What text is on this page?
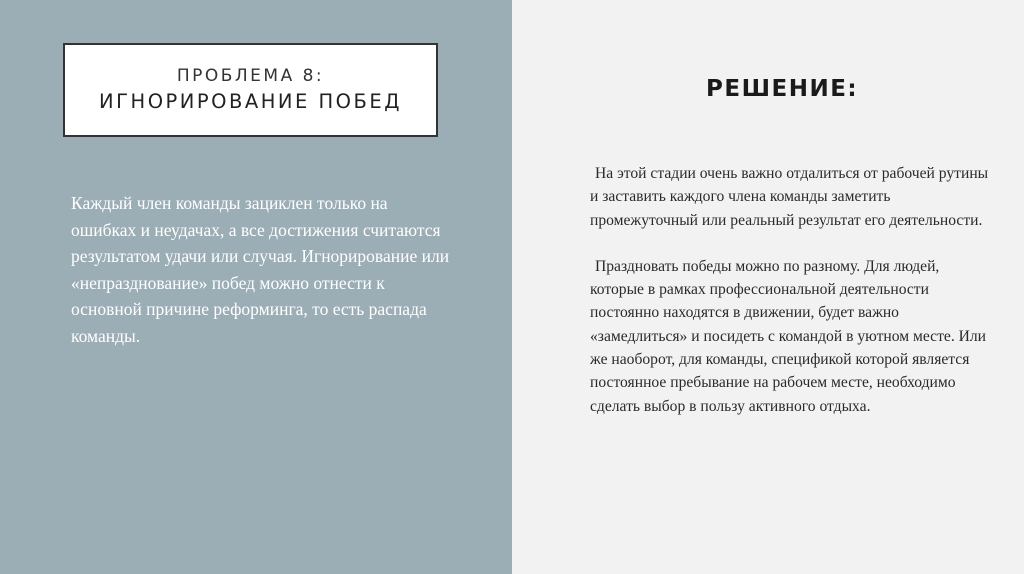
ПРОБЛЕМА 8:
ИГНОРИРОВАНИЕ ПОБЕД
Каждый член команды зациклен только на ошибках и неудачах, а все достижения считаются результатом удачи или случая. Игнорирование или «непразднование» побед можно отнести к основной причине реформинга, то есть распада команды.
РЕШЕНИЕ:

На этой стадии очень важно отдалиться от рабочей рутины и заставить каждого члена команды заметить промежуточный или реальный результат его деятельности.

Праздновать победы можно по разному. Для людей, которые в рамках профессиональной деятельности постоянно находятся в движении, будет важно «замедлиться» и посидеть с командой в уютном месте. Или же наоборот, для команды, спецификой которой является постоянное пребывание на рабочем месте, необходимо сделать выбор в пользу активного отдыха.
